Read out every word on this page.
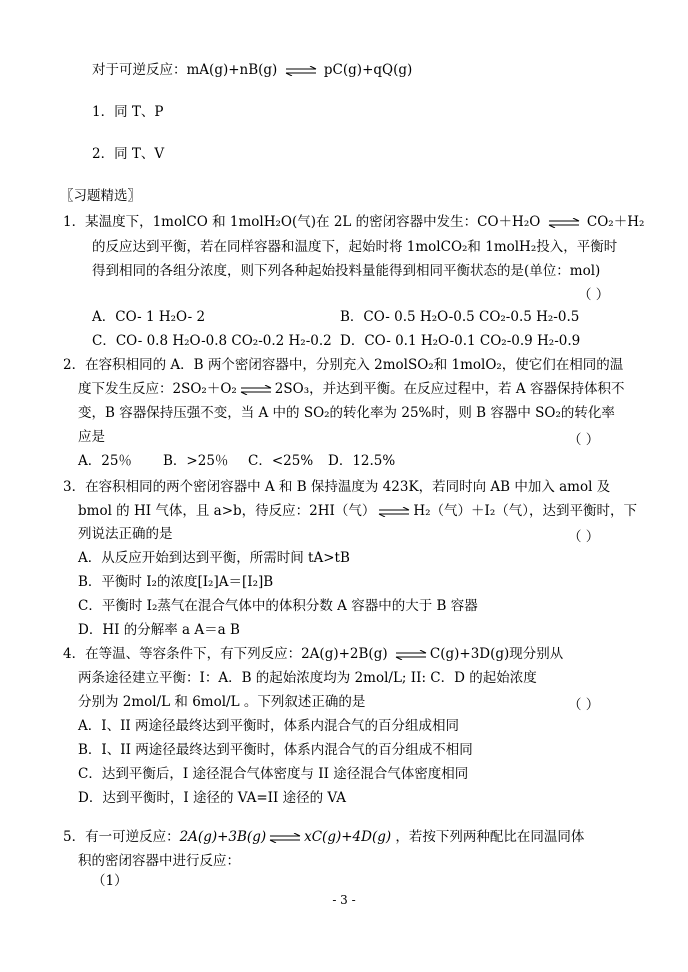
对于可逆反应：mA(g)+nB(g) ⇌ pC(g)+qQ(g)
1．同 T、P
2．同 T、V
〖习题精选〗
1．某温度下，1molCO 和 1molH₂O(气)在 2L 的密闭容器中发生：CO＋H₂O ⇌ CO₂＋H₂
的反应达到平衡，若在同样容器和温度下，起始时将 1molCO₂和 1molH₂投入，平衡时
得到相同的各组分浓度，则下列各种起始投料量能得到相同平衡状态的是(单位：mol)
（ ）
A．CO- 1 H₂O- 2	B．CO- 0.5 H₂O-0.5 CO₂-0.5 H₂-0.5
C．CO- 0.8 H₂O-0.8 CO₂-0.2 H₂-0.2 D．CO- 0.1 H₂O-0.1 CO₂-0.9 H₂-0.9
2．在容积相同的 A．B 两个密闭容器中，分别充入 2molSO₂和 1molO₂，使它们在相同的温
度下发生反应：2SO₂＋O₂ ⇌ 2SO₃，并达到平衡。在反应过程中，若 A 容器保持体积不
变，B 容器保持压强不变，当 A 中的 SO₂的转化率为 25%时，则 B 容器中 SO₂的转化率
应是	（ ）
A．25％ B．>25％ C．<25% D．12.5%
3．在容积相同的两个密闭容器中 A 和 B 保持温度为 423K，若同时向 AB 中加入 amol 及
bmol 的 HI 气体，且 a>b，待反应：2HI（气） ⇌ H₂（气）＋I₂（气），达到平衡时，下
列说法正确的是	（ ）
A．从反应开始到达到平衡，所需时间 tA>tB
B．平衡时 I₂的浓度[I₂]A＝[I₂]B
C．平衡时 I₂蒸气在混合气体中的体积分数 A 容器中的大于 B 容器
D．HI 的分解率 a A＝a B
4．在等温、等容条件下，有下列反应：2A(g)+2B(g) ⇌ C(g)+3D(g)现分别从
两条途径建立平衡：I：A．B 的起始浓度均为 2mol/L; II: C．D 的起始浓度
分别为 2mol/L 和 6mol/L 。下列叙述正确的是	（ ）
A．I、II 两途径最终达到平衡时，体系内混合气的百分组成相同
B．I、II 两途径最终达到平衡时，体系内混合气的百分组成不相同
C．达到平衡后，I 途径混合气体密度与 II 途径混合气体密度相同
D．达到平衡时，I 途径的 VA=II 途径的 VA
5．有一可逆反应：2A(g)+3B(g) ⇌ xC(g)+4D(g) ，若按下列两种配比在同温同体
积的密闭容器中进行反应：
（1）
- 3 -
